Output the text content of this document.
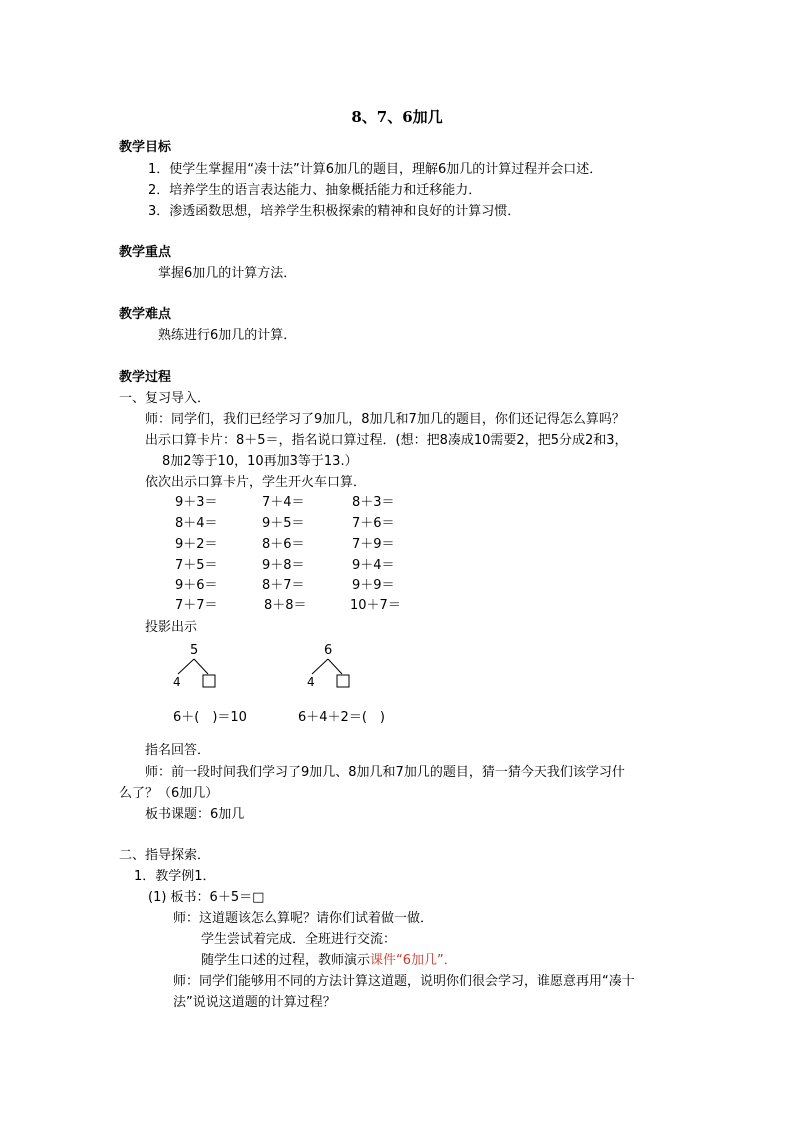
8、7、6加几
教学目标
1．使学生掌握用“凑十法”计算6加几的题目，理解6加几的计算过程并会口述．
2．培养学生的语言表达能力、抽象概括能力和迁移能力．
3．渗透函数思想，培养学生积极探索的精神和良好的计算习惯．
教学重点
掌握6加几的计算方法．
教学难点
熟练进行6加几的计算．
教学过程
一、复习导入．
师：同学们，我们已经学习了9加几，8加几和7加几的题目，你们还记得怎么算吗？
出示口算卡片：8＋5＝，指名说口算过程．(想：把8凑成10需要2，把5分成2和3，
8加2等于10，10再加3等于13.）
依次出示口算卡片，学生开火车口算．
9＋3＝	7＋4＝	8＋3＝
8＋4＝	9＋5＝	7＋6＝
9＋2＝	8＋6＝	7＋9＝
7＋5＝	9＋8＝	9＋4＝
9＋6＝	8＋7＝	9＋9＝
7＋7＝	8＋8＝	10＋7＝
投影出示
5
4
6
4
6＋(　)＝10	6＋4＋2＝(　)
指名回答．
师：前一段时间我们学习了9加几、8加几和7加几的题目，猜一猜今天我们该学习什
么了？（6加几）
板书课题：6加几
二、指导探索．
1．教学例1．
(1) 板书：6＋5＝□
师：这道题该怎么算呢？请你们试着做一做．
学生尝试着完成．全班进行交流：
随学生口述的过程，教师演示课件“6加几”．
师：同学们能够用不同的方法计算这道题，说明你们很会学习，谁愿意再用“凑十
法”说说这道题的计算过程？
